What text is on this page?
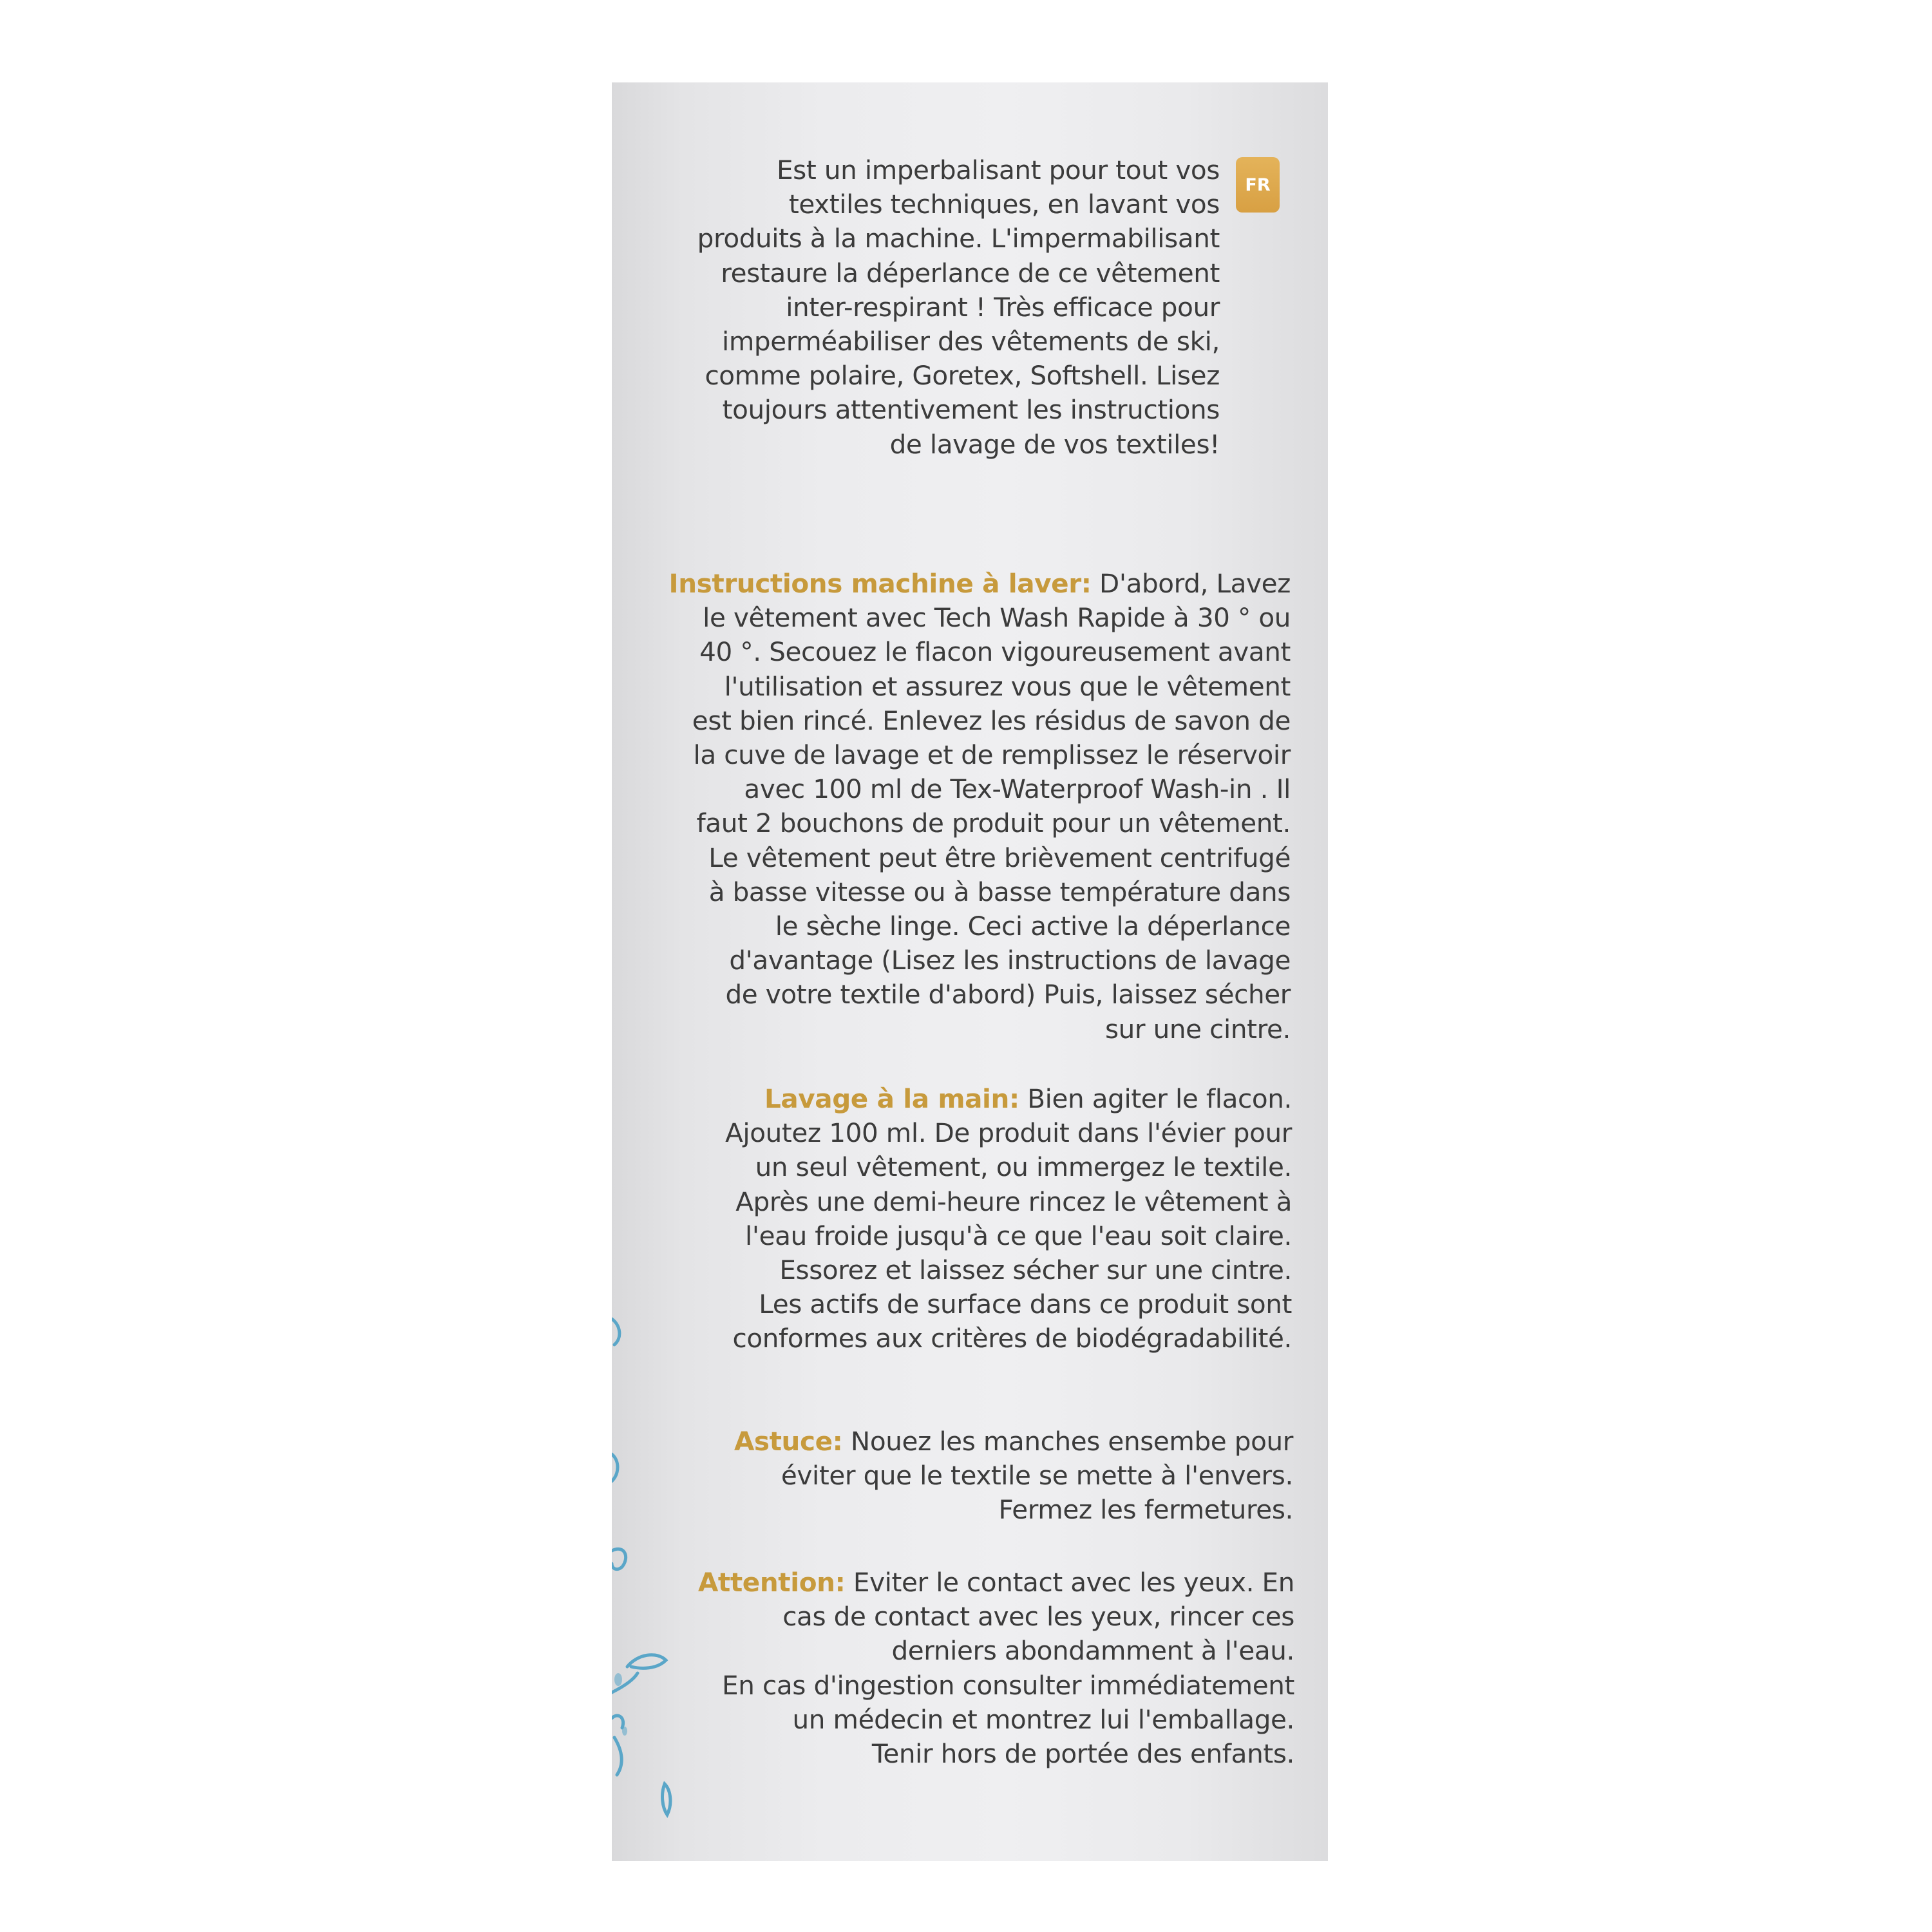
FR

Est un imperbalisant pour tout vos

textiles techniques, en lavant vos

produits à la machine. L'impermabilisant

restaure la déperlance de ce vêtement

inter-respirant ! Très efficace pour

imperméabiliser des vêtements de ski,

comme polaire, Goretex, Softshell. Lisez

toujours attentivement les instructions

de lavage de vos textiles!

Instructions machine à laver: D'abord, Lavez

le vêtement avec Tech Wash Rapide à 30 ° ou

40 °. Secouez le flacon vigoureusement avant

l'utilisation et assurez vous que le vêtement

est bien rincé. Enlevez les résidus de savon de

la cuve de lavage et de remplissez le réservoir

avec 100 ml de Tex-Waterproof Wash-in . Il

faut 2 bouchons de produit pour un vêtement.

Le vêtement peut être brièvement centrifugé

à basse vitesse ou à basse température dans

le sèche linge. Ceci active la déperlance

d'avantage (Lisez les instructions de lavage

de votre textile d'abord) Puis, laissez sécher

sur une cintre.

Lavage à la main: Bien agiter le flacon.

Ajoutez 100 ml. De produit dans l'évier pour

un seul vêtement, ou immergez le textile.

Après une demi-heure rincez le vêtement à

l'eau froide jusqu'à ce que l'eau soit claire.

Essorez et laissez sécher sur une cintre.

Les actifs de surface dans ce produit sont

conformes aux critères de biodégradabilité.

Astuce: Nouez les manches ensembe pour

éviter que le textile se mette à l'envers.

Fermez les fermetures.

Attention: Eviter le contact avec les yeux. En

cas de contact avec les yeux, rincer ces

derniers abondamment à l'eau.

En cas d'ingestion consulter immédiatement

un médecin et montrez lui l'emballage.

Tenir hors de portée des enfants.
